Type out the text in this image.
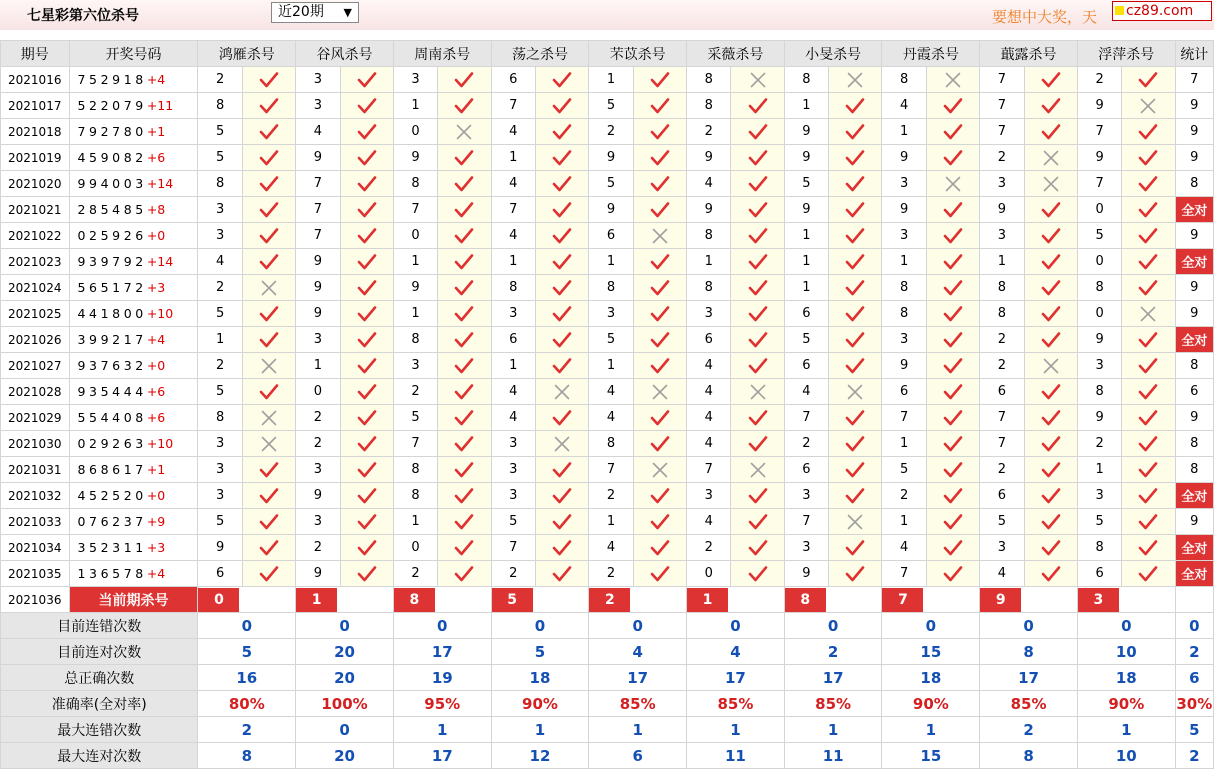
七星彩第六位杀号	近20期 ▼	要想中大奖，天	cz89.com
期号	开奖号码	鸿雁杀号		谷风杀号		周南杀号		荡之杀号		芣苡杀号		采薇杀号		小旻杀号		丹霞杀号		蕺露杀号		浮萍杀号		统计
2021016	752918+4	2		3		3		6		1		8		8		8		7		2		7
2021017	522079+11	8		3		1		7		5		8		1		4		7		9		9
2021018	792780+1	5		4		0		4		2		2		9		1		7		7		9
2021019	459082+6	5		9		9		1		9		9		9		9		2		9		9
2021020	994003+14	8		7		8		4		5		4		5		3		3		7		8
2021021	285485+8	3		7		7		7		9		9		9		9		9		0		全对
2021022	025926+0	3		7		0		4		6		8		1		3		3		5		9
2021023	939792+14	4		9		1		1		1		1		1		1		1		0		全对
2021024	565172+3	2		9		9		8		8		8		1		8		8		8		9
2021025	441800+10	5		9		1		3		3		3		6		8		8		0		9
2021026	399217+4	1		3		8		6		5		6		5		3		2		9		全对
2021027	937632+0	2		1		3		1		1		4		6		9		2		3		8
2021028	935444+6	5		0		2		4		4		4		4		6		6		8		6
2021029	554408+6	8		2		5		4		4		4		7		7		7		9		9
2021030	029263+10	3		2		7		3		8		4		2		1		7		2		8
2021031	868617+1	3		3		8		3		7		7		6		5		2		1		8
2021032	452520+0	3		9		8		3		2		3		3		2		6		3		全对
2021033	076237+9	5		3		1		5		1		4		7		1		5		5		9
2021034	352311+3	9		2		0		7		4		2		3		4		3		8		全对
2021035	136578+4	6		9		2		2		2		0		9		7		4		6		全对
2021036	当前期杀号	0		1		8		5		2		1		8		7		9		3		
目前连错次数		0		0		0		0		0		0		0		0		0		0		0
目前连对次数		5		20		17		5		4		4		2		15		8		10		2
总正确次数		16		20		19		18		17		17		17		18		17		18		6
准确率(全对率)		80%		100%		95%		90%		85%		85%		85%		90%		85%		90%		30%
最大连错次数		2		0		1		1		1		1		1		1		2		1		5
最大连对次数		8		20		17		12		6		11		11		15		8		10		2
